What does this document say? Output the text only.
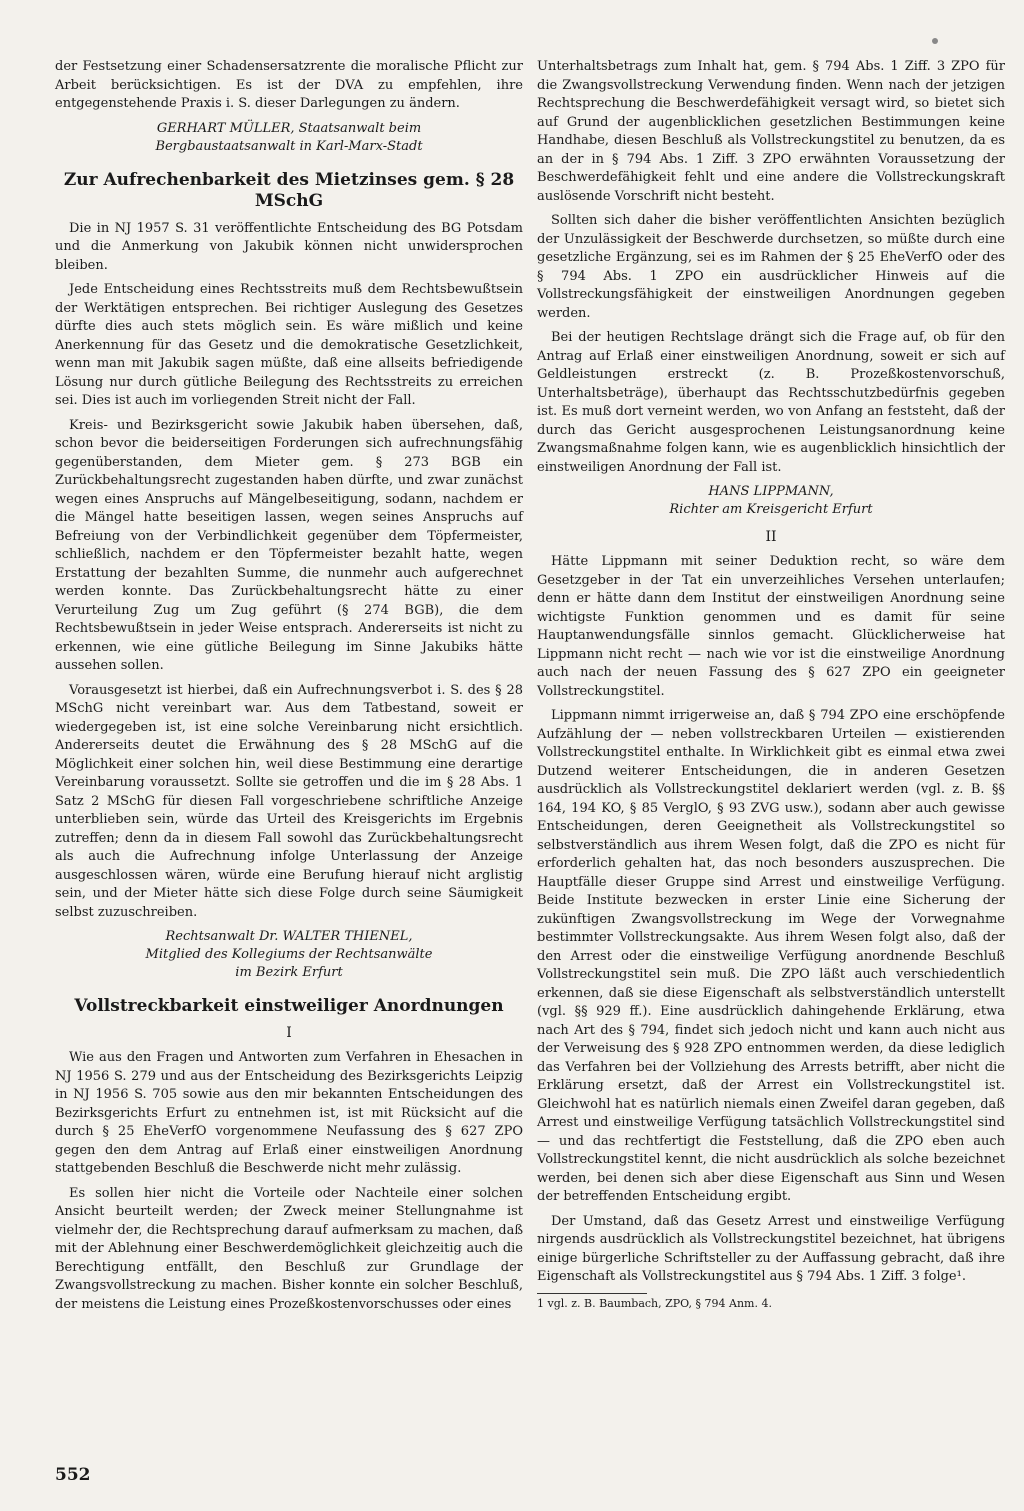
der Festsetzung einer Schadensersatzrente die moralische Pflicht zur Arbeit berücksichtigen. Es ist der DVA zu empfehlen, ihre entgegenstehende Praxis i. S. dieser Darlegungen zu ändern.

GERHART MÜLLER, Staatsanwalt beim
Bergbaustaatsanwalt in Karl-Marx-Stadt
Zur Aufrechenbarkeit des Mietzinses gem. § 28 MSchG

Die in NJ 1957 S. 31 veröffentlichte Entscheidung des BG Potsdam und die Anmerkung von Jakubik können nicht unwidersprochen bleiben.

Jede Entscheidung eines Rechtsstreits muß dem Rechtsbewußtsein der Werktätigen entsprechen. Bei richtiger Auslegung des Gesetzes dürfte dies auch stets möglich sein. Es wäre mißlich und keine Anerkennung für das Gesetz und die demokratische Gesetzlichkeit, wenn man mit Jakubik sagen müßte, daß eine allseits befriedigende Lösung nur durch gütliche Beilegung des Rechtsstreits zu erreichen sei. Dies ist auch im vorliegenden Streit nicht der Fall.

Kreis- und Bezirksgericht sowie Jakubik haben übersehen, daß, schon bevor die beiderseitigen Forderungen sich aufrechnungsfähig gegenüberstanden, dem Mieter gem. § 273 BGB ein Zurückbehaltungsrecht zugestanden haben dürfte, und zwar zunächst wegen eines Anspruchs auf Mängelbeseitigung, sodann, nachdem er die Mängel hatte beseitigen lassen, wegen seines Anspruchs auf Befreiung von der Verbindlichkeit gegenüber dem Töpfermeister, schließlich, nachdem er den Töpfermeister bezahlt hatte, wegen Erstattung der bezahlten Summe, die nunmehr auch aufgerechnet werden konnte. Das Zurückbehaltungsrecht hätte zu einer Verurteilung Zug um Zug geführt (§ 274 BGB), die dem Rechtsbewußtsein in jeder Weise entsprach. Andererseits ist nicht zu erkennen, wie eine gütliche Beilegung im Sinne Jakubiks hätte aussehen sollen.

Vorausgesetzt ist hierbei, daß ein Aufrechnungsverbot i. S. des § 28 MSchG nicht vereinbart war. Aus dem Tatbestand, soweit er wiedergegeben ist, ist eine solche Vereinbarung nicht ersichtlich. Andererseits deutet die Erwähnung des § 28 MSchG auf die Möglichkeit einer solchen hin, weil diese Bestimmung eine derartige Vereinbarung voraussetzt. Sollte sie getroffen und die im § 28 Abs. 1 Satz 2 MSchG für diesen Fall vorgeschriebene schriftliche Anzeige unterblieben sein, würde das Urteil des Kreisgerichts im Ergebnis zutreffen; denn da in diesem Fall sowohl das Zurückbehaltungsrecht als auch die Aufrechnung infolge Unterlassung der Anzeige ausgeschlossen wären, würde eine Berufung hierauf nicht arglistig sein, und der Mieter hätte sich diese Folge durch seine Säumigkeit selbst zuzuschreiben.

Rechtsanwalt Dr. WALTER THIENEL,
Mitglied des Kollegiums der Rechtsanwälte
im Bezirk Erfurt
Vollstreckbarkeit einstweiliger Anordnungen
I

Wie aus den Fragen und Antworten zum Verfahren in Ehesachen in NJ 1956 S. 279 und aus der Entscheidung des Bezirksgerichts Leipzig in NJ 1956 S. 705 sowie aus den mir bekannten Entscheidungen des Bezirksgerichts Erfurt zu entnehmen ist, ist mit Rücksicht auf die durch § 25 EheVerfO vorgenommene Neufassung des § 627 ZPO gegen den dem Antrag auf Erlaß einer einstweiligen Anordnung stattgebenden Beschluß die Beschwerde nicht mehr zulässig.

Es sollen hier nicht die Vorteile oder Nachteile einer solchen Ansicht beurteilt werden; der Zweck meiner Stellungnahme ist vielmehr der, die Rechtsprechung darauf aufmerksam zu machen, daß mit der Ablehnung einer Beschwerdemöglichkeit gleichzeitig auch die Berechtigung entfällt, den Beschluß zur Grundlage der Zwangsvollstreckung zu machen. Bisher konnte ein solcher Beschluß, der meistens die Leistung eines Prozeßkostenvorschusses oder eines

Unterhaltsbetrags zum Inhalt hat, gem. § 794 Abs. 1 Ziff. 3 ZPO für die Zwangsvollstreckung Verwendung finden. Wenn nach der jetzigen Rechtsprechung die Beschwerdefähigkeit versagt wird, so bietet sich auf Grund der augenblicklichen gesetzlichen Bestimmungen keine Handhabe, diesen Beschluß als Vollstreckungstitel zu benutzen, da es an der in § 794 Abs. 1 Ziff. 3 ZPO erwähnten Voraussetzung der Beschwerdefähigkeit fehlt und eine andere die Vollstreckungskraft auslösende Vorschrift nicht besteht.

Sollten sich daher die bisher veröffentlichten Ansichten bezüglich der Unzulässigkeit der Beschwerde durchsetzen, so müßte durch eine gesetzliche Ergänzung, sei es im Rahmen der § 25 EheVerfO oder des § 794 Abs. 1 ZPO ein ausdrücklicher Hinweis auf die Vollstreckungsfähigkeit der einstweiligen Anordnungen gegeben werden.

Bei der heutigen Rechtslage drängt sich die Frage auf, ob für den Antrag auf Erlaß einer einstweiligen Anordnung, soweit er sich auf Geldleistungen erstreckt (z. B. Prozeßkostenvorschuß, Unterhaltsbeträge), überhaupt das Rechtsschutzbedürfnis gegeben ist. Es muß dort verneint werden, wo von Anfang an feststeht, daß der durch das Gericht ausgesprochenen Leistungsanordnung keine Zwangsmaßnahme folgen kann, wie es augenblicklich hinsichtlich der einstweiligen Anordnung der Fall ist.

HANS LIPPMANN,
Richter am Kreisgericht Erfurt
II

Hätte Lippmann mit seiner Deduktion recht, so wäre dem Gesetzgeber in der Tat ein unverzeihliches Versehen unterlaufen; denn er hätte dann dem Institut der einstweiligen Anordnung seine wichtigste Funktion genommen und es damit für seine Hauptanwendungsfälle sinnlos gemacht. Glücklicherweise hat Lippmann nicht recht — nach wie vor ist die einstweilige Anordnung auch nach der neuen Fassung des § 627 ZPO ein geeigneter Vollstreckungstitel.

Lippmann nimmt irrigerweise an, daß § 794 ZPO eine erschöpfende Aufzählung der — neben vollstreckbaren Urteilen — existierenden Vollstreckungstitel enthalte. In Wirklichkeit gibt es einmal etwa zwei Dutzend weiterer Entscheidungen, die in anderen Gesetzen ausdrücklich als Vollstreckungstitel deklariert werden (vgl. z. B. §§ 164, 194 KO, § 85 VerglO, § 93 ZVG usw.), sodann aber auch gewisse Entscheidungen, deren Geeignetheit als Vollstreckungstitel so selbstverständlich aus ihrem Wesen folgt, daß die ZPO es nicht für erforderlich gehalten hat, das noch besonders auszusprechen. Die Hauptfälle dieser Gruppe sind Arrest und einstweilige Verfügung. Beide Institute bezwecken in erster Linie eine Sicherung der zukünftigen Zwangsvollstreckung im Wege der Vorwegnahme bestimmter Vollstreckungsakte. Aus ihrem Wesen folgt also, daß der den Arrest oder die einstweilige Verfügung anordnende Beschluß Vollstreckungstitel sein muß. Die ZPO läßt auch verschiedentlich erkennen, daß sie diese Eigenschaft als selbstverständlich unterstellt (vgl. §§ 929 ff.). Eine ausdrücklich dahingehende Erklärung, etwa nach Art des § 794, findet sich jedoch nicht und kann auch nicht aus der Verweisung des § 928 ZPO entnommen werden, da diese lediglich das Verfahren bei der Vollziehung des Arrests betrifft, aber nicht die Erklärung ersetzt, daß der Arrest ein Vollstreckungstitel ist. Gleichwohl hat es natürlich niemals einen Zweifel daran gegeben, daß Arrest und einstweilige Verfügung tatsächlich Vollstreckungstitel sind — und das rechtfertigt die Feststellung, daß die ZPO eben auch Vollstreckungstitel kennt, die nicht ausdrücklich als solche bezeichnet werden, bei denen sich aber diese Eigenschaft aus Sinn und Wesen der betreffenden Entscheidung ergibt.

Der Umstand, daß das Gesetz Arrest und einstweilige Verfügung nirgends ausdrücklich als Vollstreckungstitel bezeichnet, hat übrigens einige bürgerliche Schriftsteller zu der Auffassung gebracht, daß ihre Eigenschaft als Vollstreckungstitel aus § 794 Abs. 1 Ziff. 3 folge¹.

1 vgl. z. B. Baumbach, ZPO, § 794 Anm. 4.
552
